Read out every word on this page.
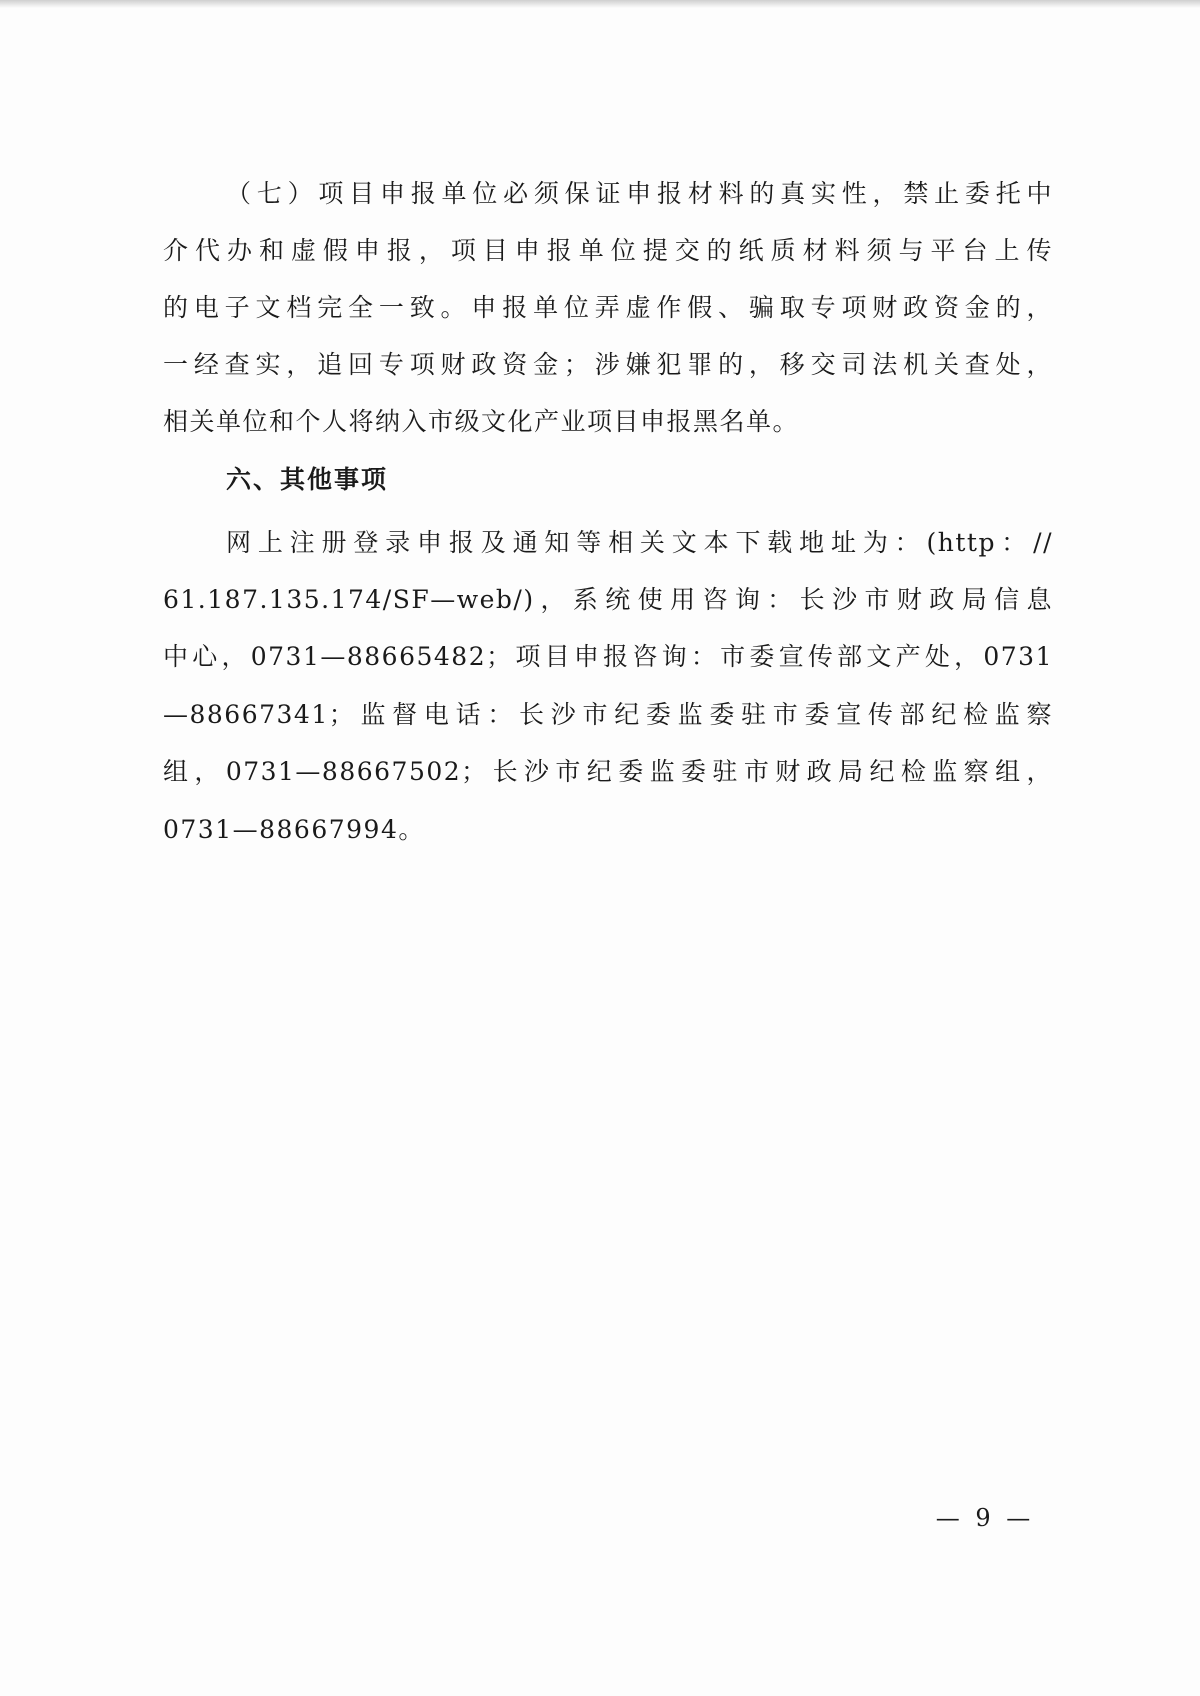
（七）项目申报单位必须保证申报材料的真实性，禁止委托中
介代办和虚假申报，项目申报单位提交的纸质材料须与平台上传
的电子文档完全一致。申报单位弄虚作假、骗取专项财政资金的，
一经查实，追回专项财政资金；涉嫌犯罪的，移交司法机关查处，
相关单位和个人将纳入市级文化产业项目申报黑名单。
六、其他事项
网上注册登录申报及通知等相关文本下载地址为：(http：//
61.187.135.174/SF—web/)，系统使用咨询：长沙市财政局信息
中心，0731—88665482；项目申报咨询：市委宣传部文产处，0731
—88667341；监督电话：长沙市纪委监委驻市委宣传部纪检监察
组，0731—88667502；长沙市纪委监委驻市财政局纪检监察组，
0731—88667994。
— 9 —
